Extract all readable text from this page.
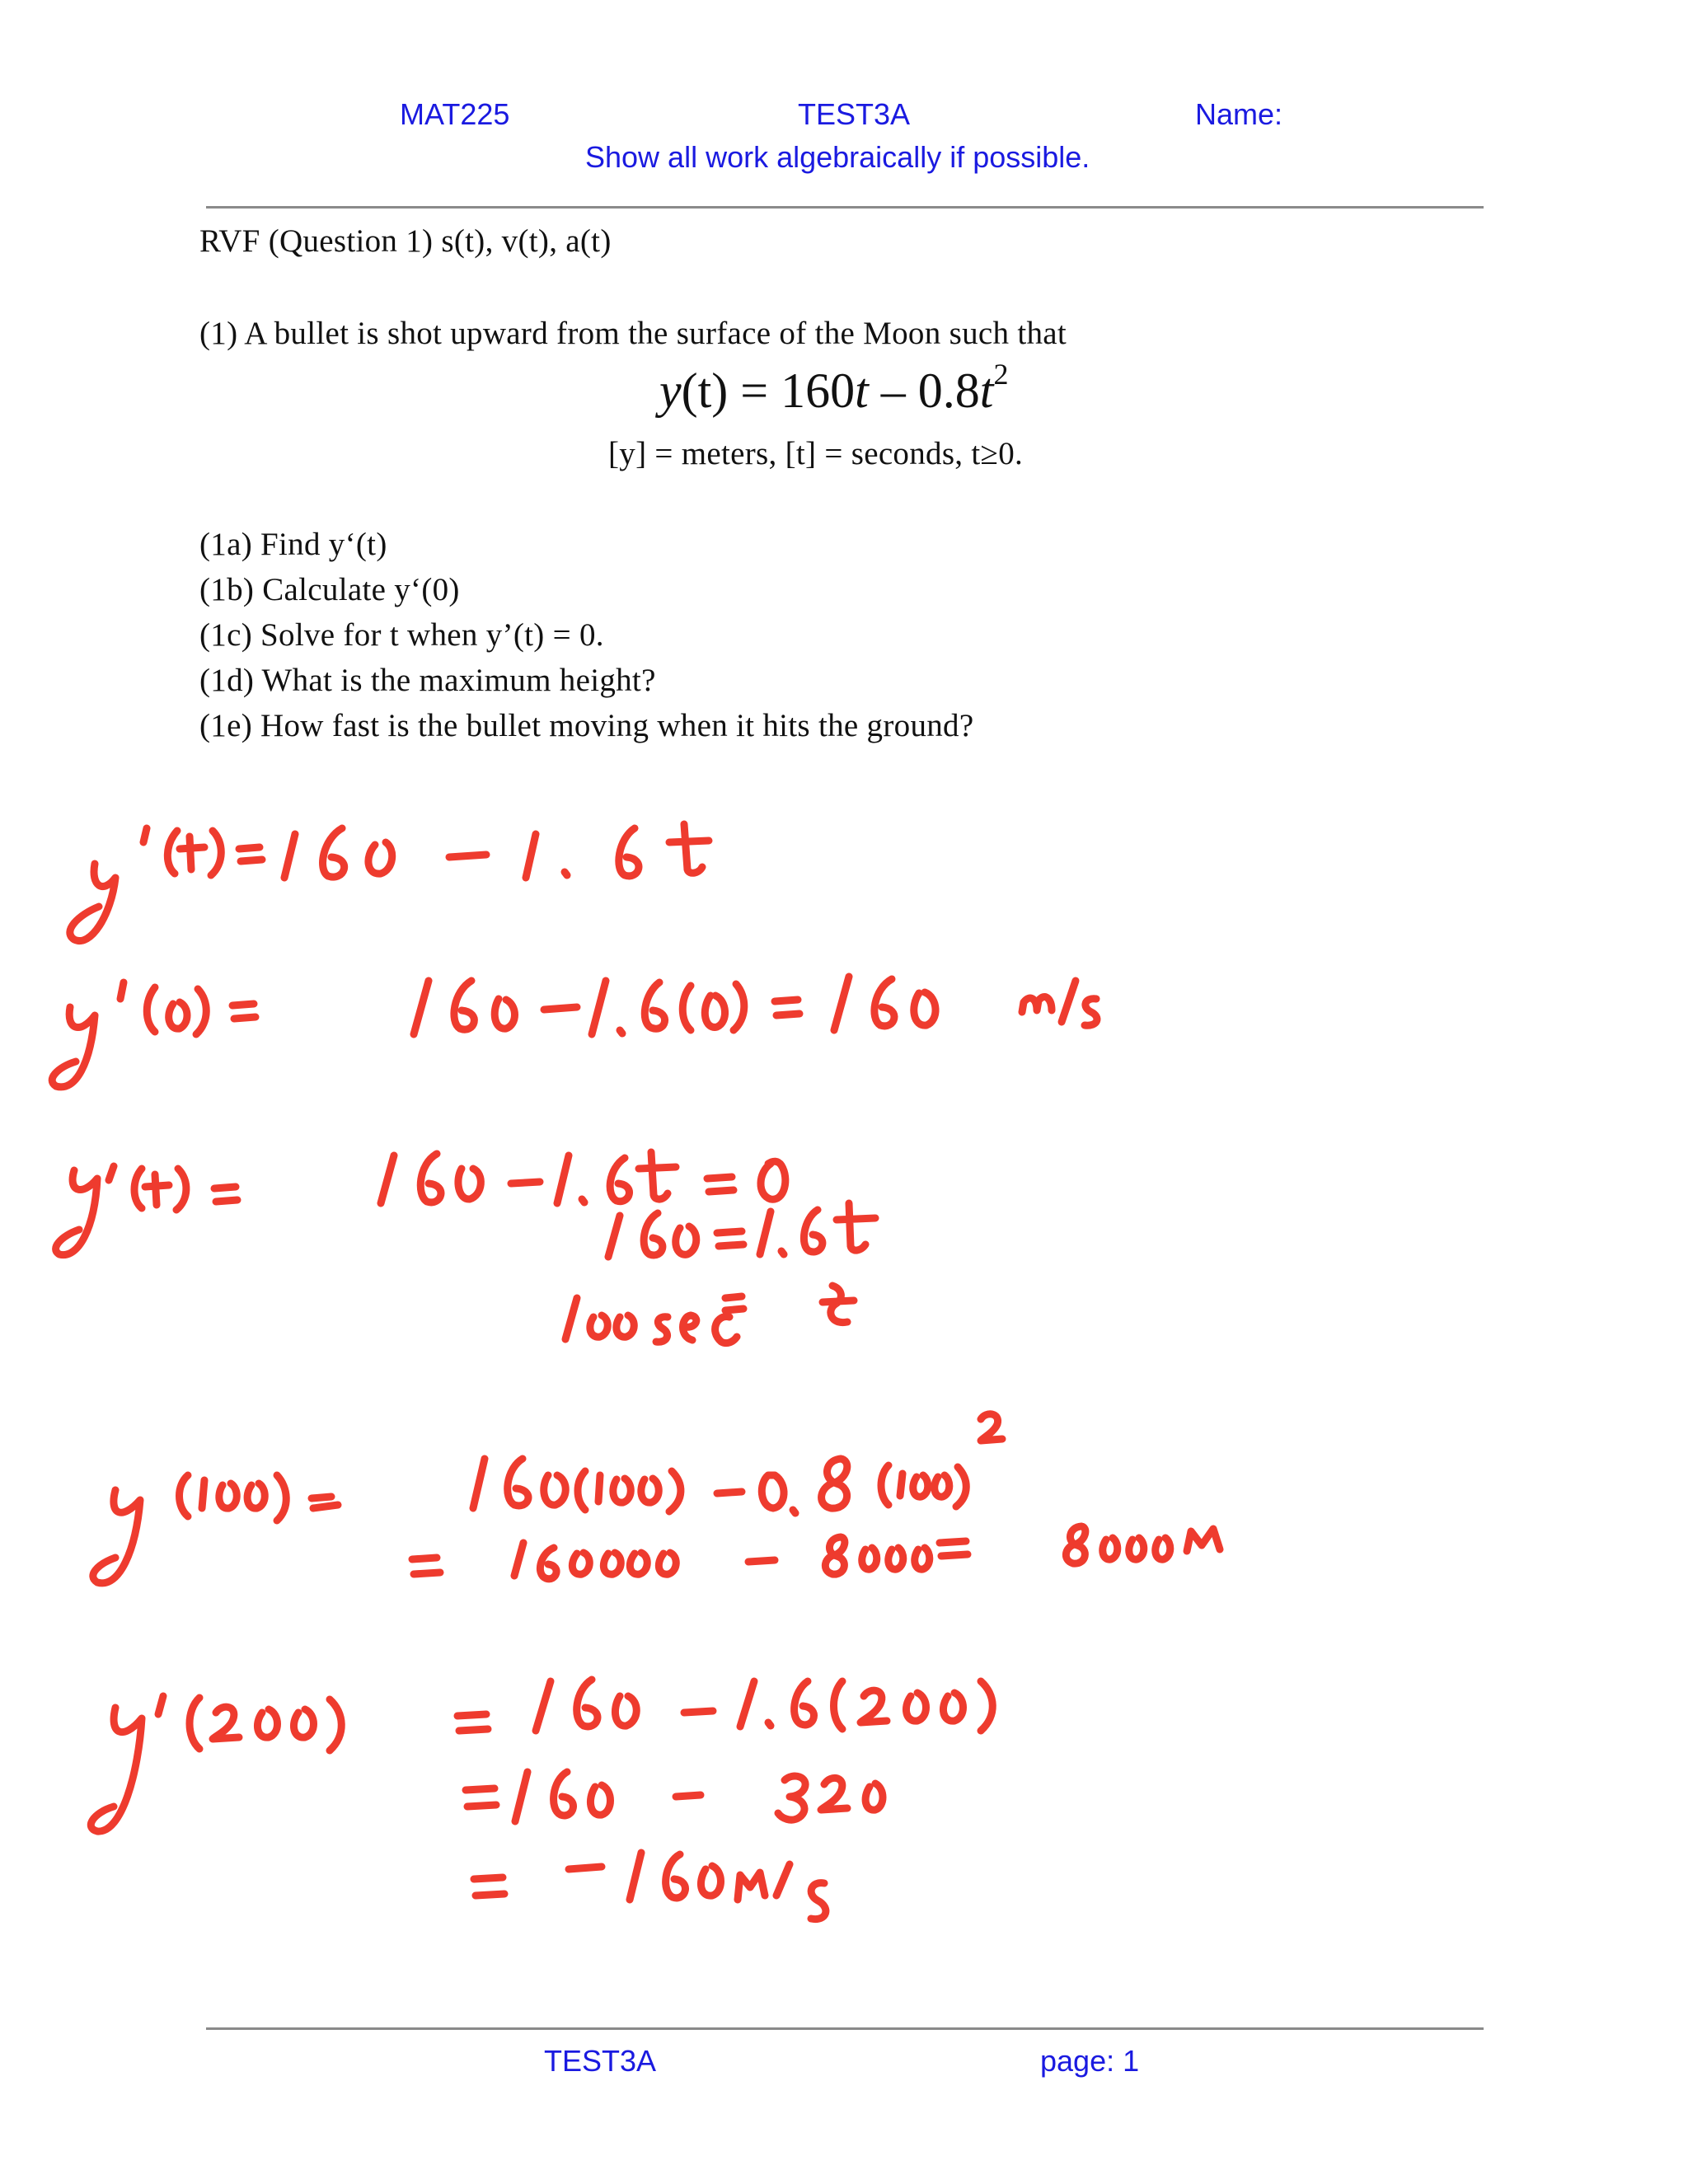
MAT225	TEST3A	Name:
Show all work algebraically if possible.
RVF (Question 1) s(t), v(t), a(t)
(1) A bullet is shot upward from the surface of the Moon such that
$y(t) = 160t - 0.8t^2$
[y] = meters, [t] = seconds, t≥0.
(1a) Find y‘(t)
(1b) Calculate y‘(0)
(1c) Solve for t when y’(t) = 0.
(1d) What is the maximum height?
(1e) How fast is the bullet moving when it hits the ground?
TEST3A	page: 1
